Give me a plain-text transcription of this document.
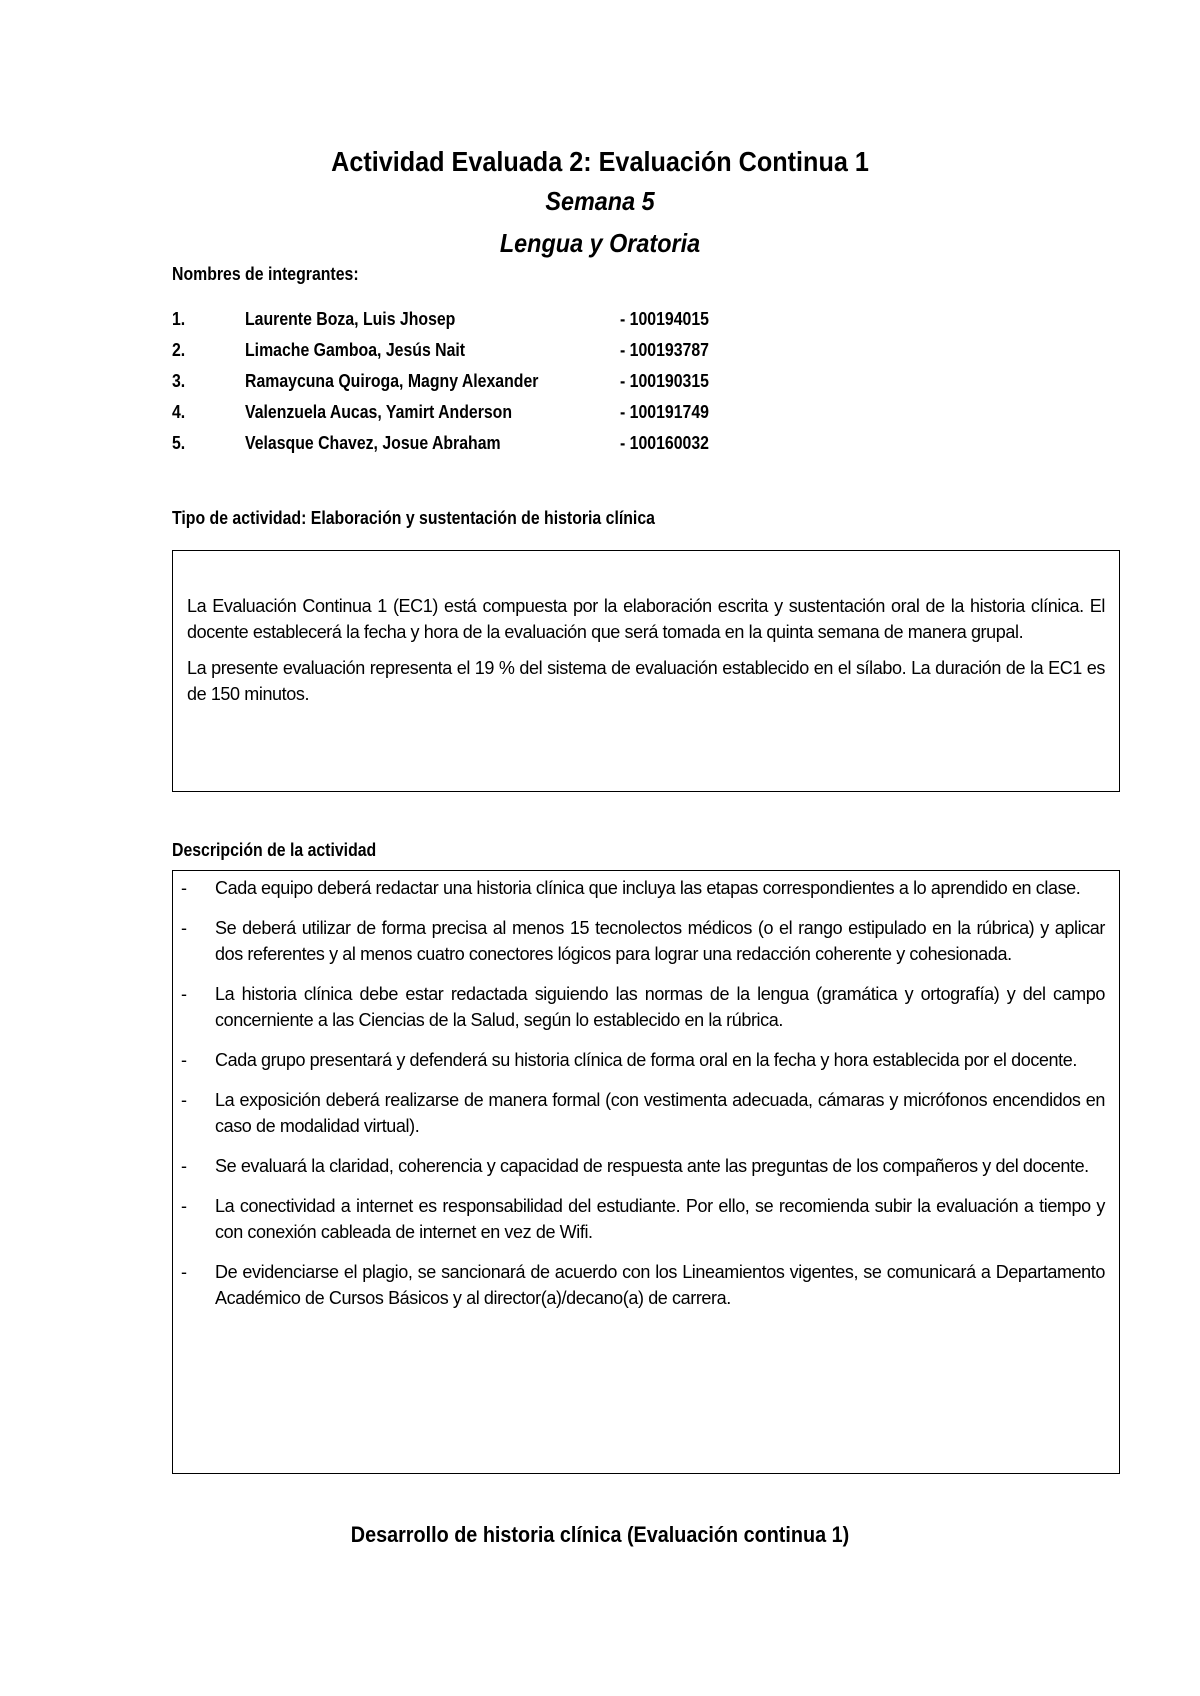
Actividad Evaluada 2: Evaluación Continua 1
Semana 5
Lengua y Oratoria
Nombres de integrantes:
1.	Laurente Boza, Luis Jhosep	- 100194015
2.	Limache Gamboa, Jesús Nait	- 100193787
3.	Ramaycuna Quiroga, Magny Alexander	- 100190315
4.	Valenzuela Aucas, Yamirt Anderson	- 100191749
5.	Velasque Chavez, Josue Abraham	- 100160032
Tipo de actividad: Elaboración y sustentación de historia clínica

La Evaluación Continua 1 (EC1) está compuesta por la elaboración escrita y sustentación oral de la historia clínica. El docente establecerá la fecha y hora de la evaluación que será tomada en la quinta semana de manera grupal.

La presente evaluación representa el 19 % del sistema de evaluación establecido en el sílabo. La duración de la EC1 es de 150 minutos.

Descripción de la actividad
- Cada equipo deberá redactar una historia clínica que incluya las etapas correspondientes a lo aprendido en clase.
- Se deberá utilizar de forma precisa al menos 15 tecnolectos médicos (o el rango estipulado en la rúbrica) y aplicar dos referentes y al menos cuatro conectores lógicos para lograr una redacción coherente y cohesionada.
- La historia clínica debe estar redactada siguiendo las normas de la lengua (gramática y ortografía) y del campo concerniente a las Ciencias de la Salud, según lo establecido en la rúbrica.
- Cada grupo presentará y defenderá su historia clínica de forma oral en la fecha y hora establecida por el docente.
- La exposición deberá realizarse de manera formal (con vestimenta adecuada, cámaras y micrófonos encendidos en caso de modalidad virtual).
- Se evaluará la claridad, coherencia y capacidad de respuesta ante las preguntas de los compañeros y del docente.
- La conectividad a internet es responsabilidad del estudiante. Por ello, se recomienda subir la evaluación a tiempo y con conexión cableada de internet en vez de Wifi.
- De evidenciarse el plagio, se sancionará de acuerdo con los Lineamientos vigentes, se comunicará a Departamento Académico de Cursos Básicos y al director(a)/decano(a) de carrera.
Desarrollo de historia clínica (Evaluación continua 1)
